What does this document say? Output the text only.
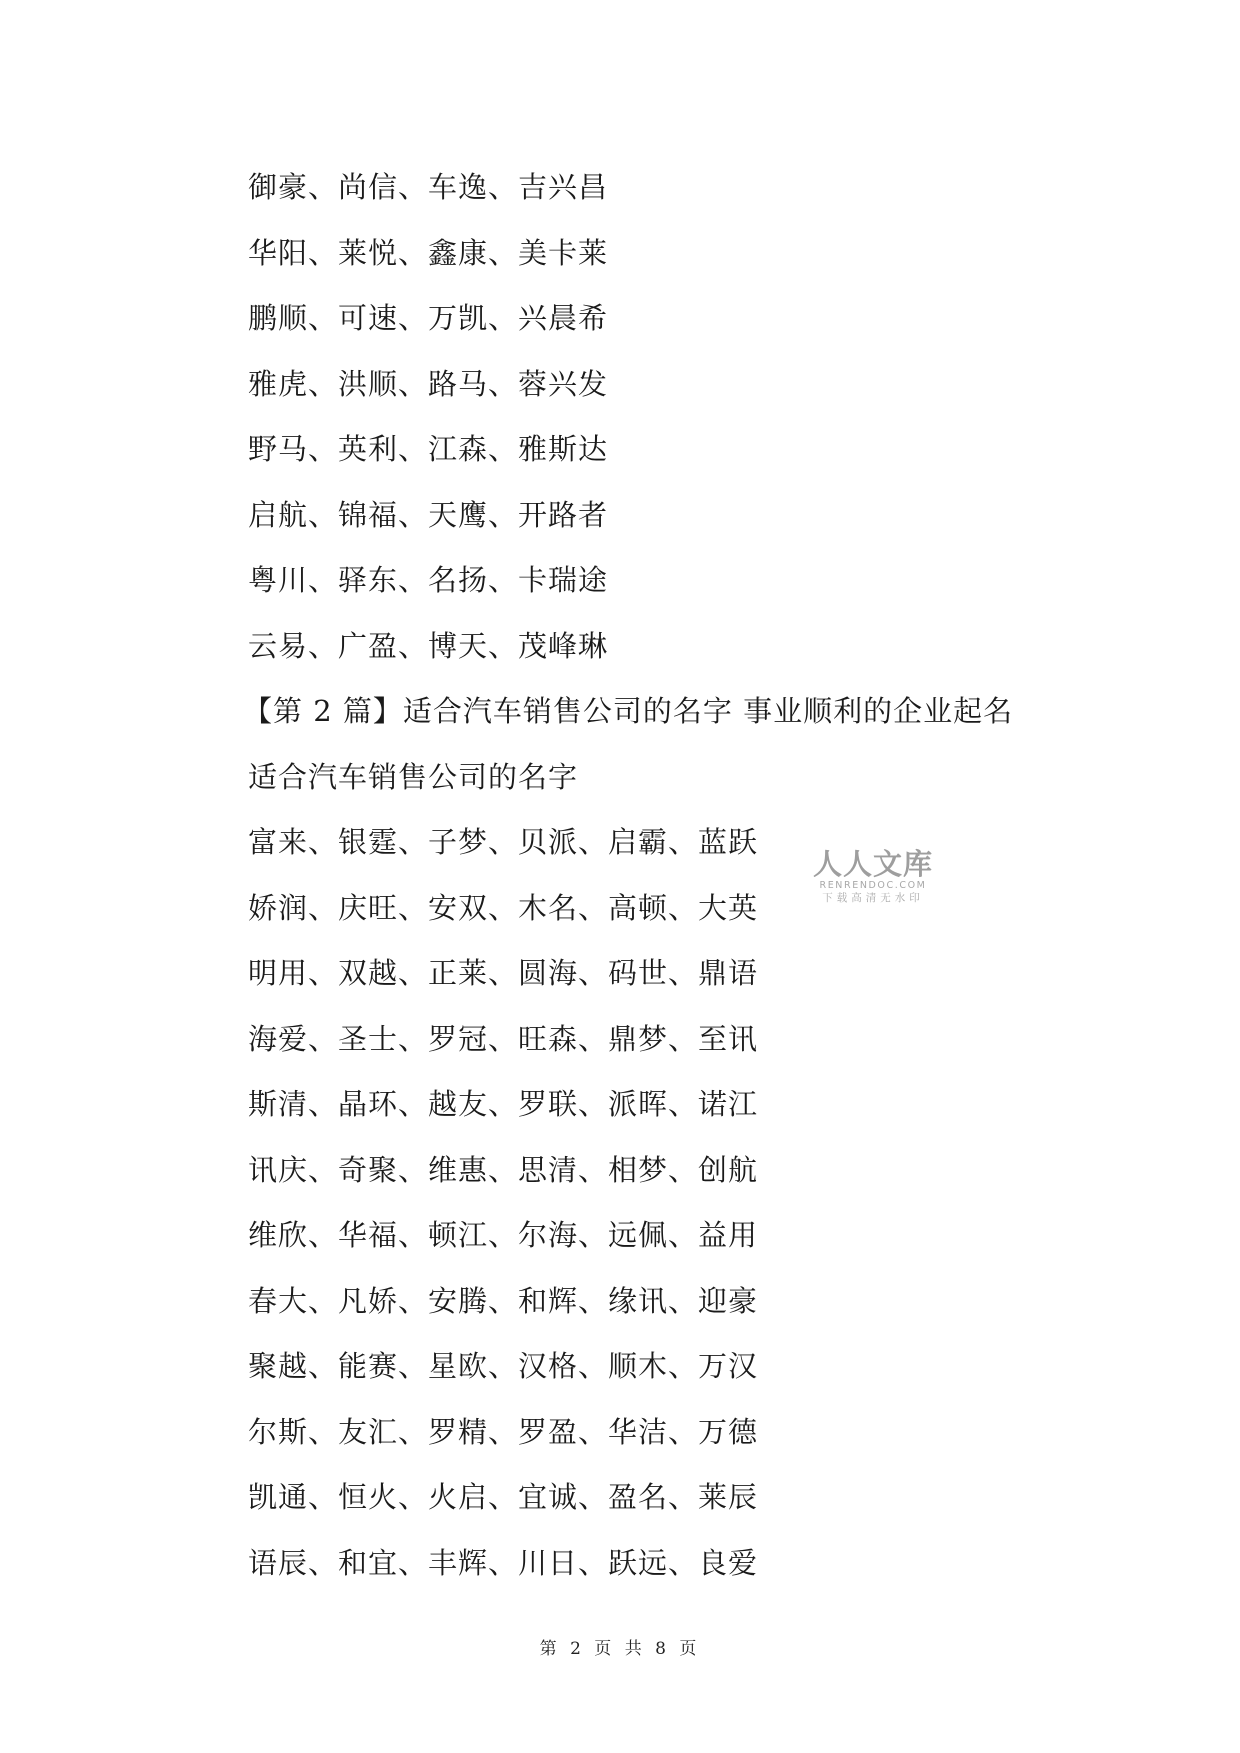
御豪、尚信、车逸、吉兴昌
华阳、莱悦、鑫康、美卡莱
鹏顺、可速、万凯、兴晨希
雅虎、洪顺、路马、蓉兴发
野马、英利、江森、雅斯达
启航、锦福、天鹰、开路者
粤川、驿东、名扬、卡瑞途
云易、广盈、博天、茂峰琳
【第 2 篇】适合汽车销售公司的名字 事业顺利的企业起名
适合汽车销售公司的名字
富来、银霆、子梦、贝派、启霸、蓝跃
娇润、庆旺、安双、木名、高顿、大英
明用、双越、正莱、圆海、码世、鼎语
海爱、圣士、罗冠、旺森、鼎梦、至讯
斯清、晶环、越友、罗联、派晖、诺江
讯庆、奇聚、维惠、思清、相梦、创航
维欣、华福、顿江、尔海、远佩、益用
春大、凡娇、安腾、和辉、缘讯、迎豪
聚越、能赛、星欧、汉格、顺木、万汉
尔斯、友汇、罗精、罗盈、华洁、万德
凯通、恒火、火启、宜诚、盈名、莱辰
语辰、和宜、丰辉、川日、跃远、良爱
人人文库
RENRENDOC.COM
下载高清无水印
第 2 页 共 8 页
